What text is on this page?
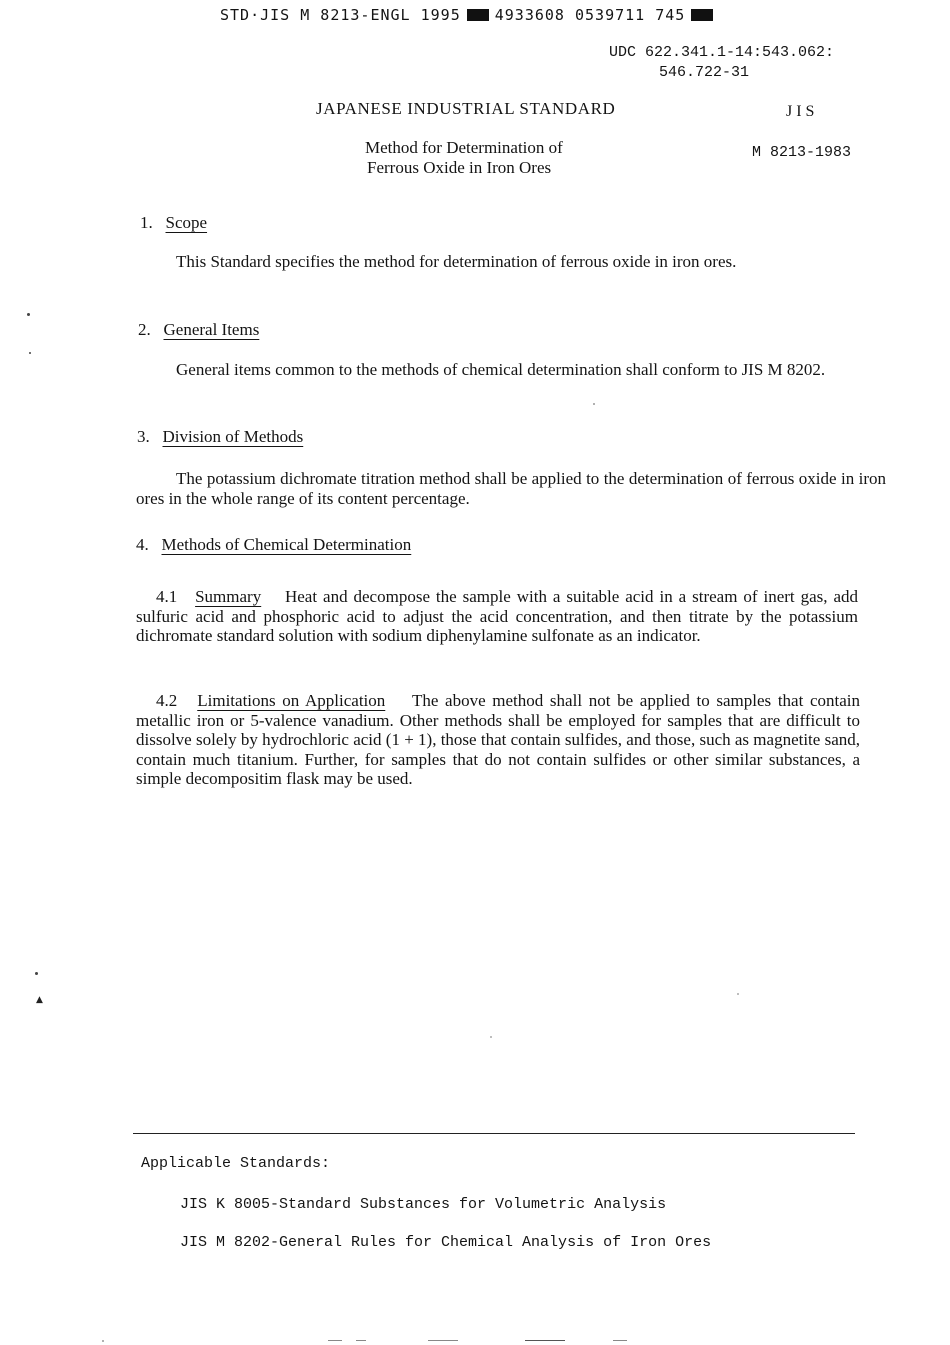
STD·JIS M 8213-ENGL 1995 4933608 0539711 745
UDC 622.341.1-14:543.062:
546.722-31
JAPANESE INDUSTRIAL STANDARD	J I S
Method for Determination of
Ferrous Oxide in Iron Ores
M 8213-1983
1. Scope
This Standard specifies the method for determination of ferrous oxide in iron ores.
2. General Items
General items common to the methods of chemical determination shall conform to JIS M 8202.
3. Division of Methods
The potassium dichromate titration method shall be applied to the determination of ferrous oxide in iron ores in the whole range of its content percentage.
4. Methods of Chemical Determination
4.1 Summary Heat and decompose the sample with a suitable acid in a stream of inert gas, add sulfuric acid and phosphoric acid to adjust the acid concentration, and then titrate by the potassium dichromate standard solution with sodium diphenylamine sulfonate as an indicator.
4.2 Limitations on Application The above method shall not be applied to samples that contain metallic iron or 5-valence vanadium. Other methods shall be employed for samples that are difficult to dissolve solely by hydrochloric acid (1 + 1), those that contain sulfides, and those, such as magnetite sand, contain much titanium. Further, for samples that do not contain sulfides or other similar substances, a simple decompositim flask may be used.
Applicable Standards:
JIS K 8005-Standard Substances for Volumetric Analysis
JIS M 8202-General Rules for Chemical Analysis of Iron Ores
▲
